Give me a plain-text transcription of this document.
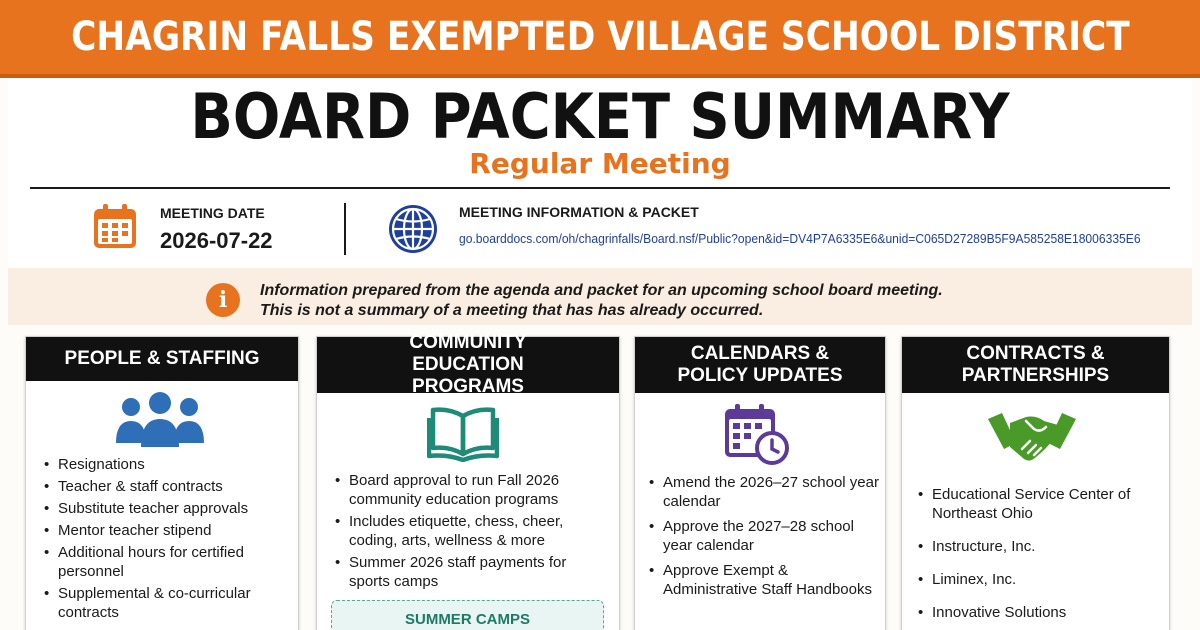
CHAGRIN FALLS EXEMPTED VILLAGE SCHOOL DISTRICT
BOARD PACKET SUMMARY
Regular Meeting
MEETING DATE
2026-07-22
MEETING INFORMATION & PACKET
go.boarddocs.com/oh/chagrinfalls/Board.nsf/Public?open&id=DV4P7A6335E6&unid=C065D27289B5F9A585258E18006335E6
i	Information prepared from the agenda and packet for an upcoming school board meeting.
This is not a summary of a meeting that has has already occurred.
PEOPLE & STAFFING
• Resignations
• Teacher & staff contracts
• Substitute teacher approvals
• Mentor teacher stipend
• Additional hours for certified personnel
• Supplemental & co-curricular contracts
COMMUNITY EDUCATION PROGRAMS
• Board approval to run Fall 2026 community education programs
• Includes etiquette, chess, cheer, coding, arts, wellness & more
• Summer 2026 staff payments for sports camps
SUMMER CAMPS
CALENDARS & POLICY UPDATES
• Amend the 2026–27 school year calendar
• Approve the 2027–28 school year calendar
• Approve Exempt & Administrative Staff Handbooks
CONTRACTS & PARTNERSHIPS
• Educational Service Center of Northeast Ohio
• Instructure, Inc.
• Liminex, Inc.
• Innovative Solutions
